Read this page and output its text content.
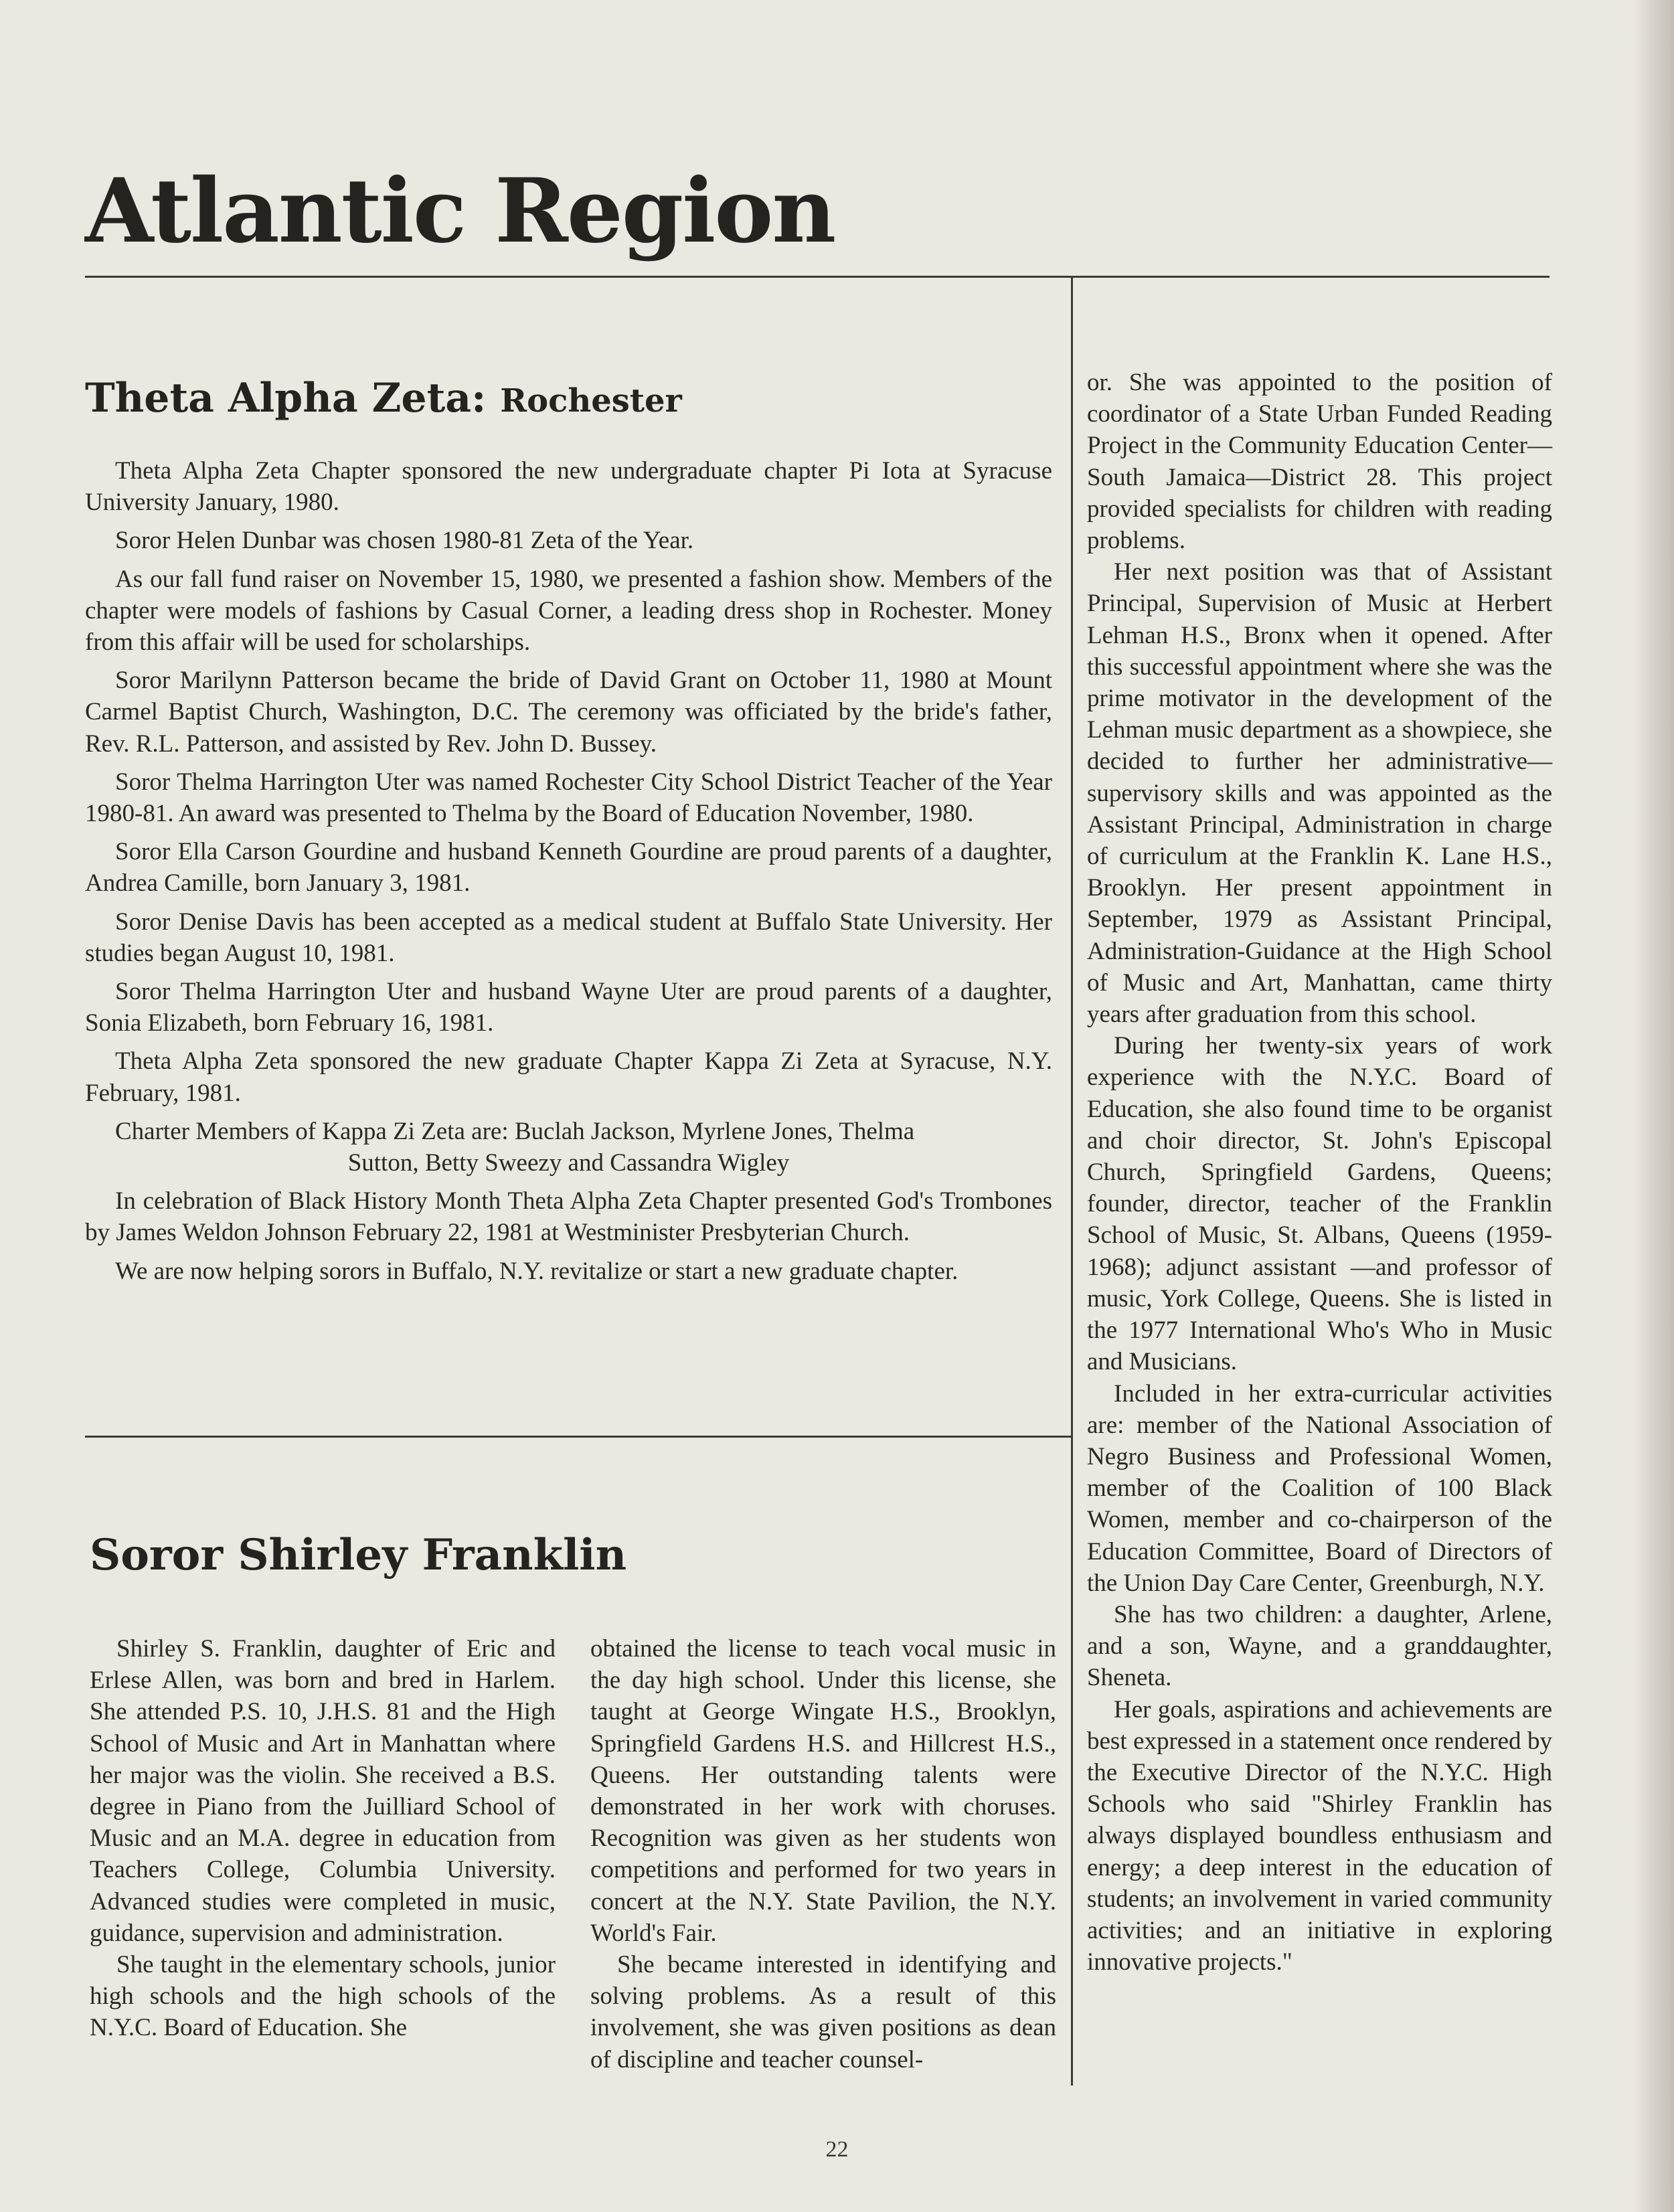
Atlantic Region
Theta Alpha Zeta: Rochester

Theta Alpha Zeta Chapter sponsored the new undergraduate chapter Pi Iota at Syracuse University January, 1980.

Soror Helen Dunbar was chosen 1980-81 Zeta of the Year.

As our fall fund raiser on November 15, 1980, we presented a fashion show. Members of the chapter were models of fashions by Casual Corner, a leading dress shop in Rochester. Money from this affair will be used for scholarships.

Soror Marilynn Patterson became the bride of David Grant on October 11, 1980 at Mount Carmel Baptist Church, Washington, D.C. The ceremony was officiated by the bride's father, Rev. R.L. Patterson, and assisted by Rev. John D. Bussey.

Soror Thelma Harrington Uter was named Rochester City School District Teacher of the Year 1980-81. An award was presented to Thelma by the Board of Education November, 1980.

Soror Ella Carson Gourdine and husband Kenneth Gourdine are proud parents of a daughter, Andrea Camille, born January 3, 1981.

Soror Denise Davis has been accepted as a medical student at Buffalo State University. Her studies began August 10, 1981.

Soror Thelma Harrington Uter and husband Wayne Uter are proud parents of a daughter, Sonia Elizabeth, born February 16, 1981.

Theta Alpha Zeta sponsored the new graduate Chapter Kappa Zi Zeta at Syracuse, N.Y. February, 1981.

Charter Members of Kappa Zi Zeta are: Buclah Jackson, Myrlene Jones, Thelma
Sutton, Betty Sweezy and Cassandra Wigley

In celebration of Black History Month Theta Alpha Zeta Chapter presented God's Trombones by James Weldon Johnson February 22, 1981 at Westminister Presbyterian Church.

We are now helping sorors in Buffalo, N.Y. revitalize or start a new graduate chapter.

Soror Shirley Franklin

Shirley S. Franklin, daughter of Eric and Erlese Allen, was born and bred in Harlem. She attended P.S. 10, J.H.S. 81 and the High School of Music and Art in Manhattan where her major was the violin. She received a B.S. degree in Piano from the Juilliard School of Music and an M.A. degree in education from Teachers College, Columbia University. Advanced studies were completed in music, guidance, supervision and administration.

She taught in the elementary schools, junior high schools and the high schools of the N.Y.C. Board of Education. She

obtained the license to teach vocal music in the day high school. Under this license, she taught at George Wingate H.S., Brooklyn, Springfield Gardens H.S. and Hillcrest H.S., Queens. Her outstanding talents were demonstrated in her work with choruses. Recognition was given as her students won competitions and performed for two years in concert at the N.Y. State Pavilion, the N.Y. World's Fair.

She became interested in identifying and solving problems. As a result of this involvement, she was given positions as dean of discipline and teacher counsel-

or. She was appointed to the position of coordinator of a State Urban Funded Reading Project in the Community Education Center—South Jamaica—District 28. This project provided specialists for children with reading problems.

Her next position was that of Assistant Principal, Supervision of Music at Herbert Lehman H.S., Bronx when it opened. After this successful appointment where she was the prime motivator in the development of the Lehman music department as a showpiece, she decided to further her administrative—supervisory skills and was appointed as the Assistant Principal, Administration in charge of curriculum at the Franklin K. Lane H.S., Brooklyn. Her present appointment in September, 1979 as Assistant Principal, Administration-Guidance at the High School of Music and Art, Manhattan, came thirty years after graduation from this school.

During her twenty-six years of work experience with the N.Y.C. Board of Education, she also found time to be organist and choir director, St. John's Episcopal Church, Springfield Gardens, Queens; founder, director, teacher of the Franklin School of Music, St. Albans, Queens (1959-1968); adjunct assistant —and professor of music, York College, Queens. She is listed in the 1977 International Who's Who in Music and Musicians.

Included in her extra-curricular activities are: member of the National Association of Negro Business and Professional Women, member of the Coalition of 100 Black Women, member and co-chairperson of the Education Committee, Board of Directors of the Union Day Care Center, Greenburgh, N.Y.

She has two children: a daughter, Arlene, and a son, Wayne, and a granddaughter, Sheneta.

Her goals, aspirations and achievements are best expressed in a statement once rendered by the Executive Director of the N.Y.C. High Schools who said "Shirley Franklin has always displayed boundless enthusiasm and energy; a deep interest in the education of students; an involvement in varied community activities; and an initiative in exploring innovative projects."

22
